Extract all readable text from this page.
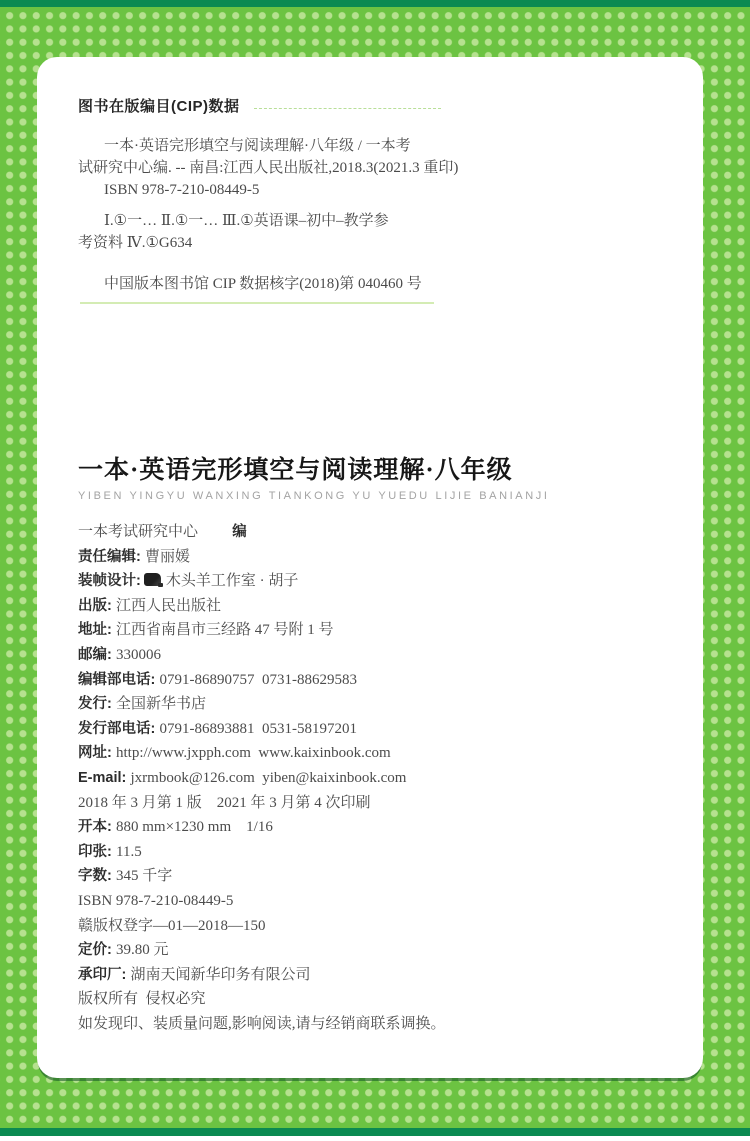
图书在版编目(CIP)数据
一本·英语完形填空与阅读理解·八年级 / 一本考
试研究中心编. -- 南昌:江西人民出版社,2018.3(2021.3 重印)
ISBN 978-7-210-08449-5
Ⅰ.①一… Ⅱ.①一… Ⅲ.①英语课–初中–教学参
考资料 Ⅳ.①G634
中国版本图书馆 CIP 数据核字(2018)第 040460 号
一本·英语完形填空与阅读理解·八年级
YIBEN YINGYU WANXING TIANKONG YU YUEDU LIJIE BANIANJI
一本考试研究中心 编
责任编辑: 曹丽媛
装帧设计: 木头羊工作室 · 胡子
出版: 江西人民出版社
地址: 江西省南昌市三经路 47 号附 1 号
邮编: 330006
编辑部电话: 0791-86890757  0731-88629583
发行: 全国新华书店
发行部电话: 0791-86893881  0531-58197201
网址: http://www.jxpph.com  www.kaixinbook.com
E-mail: jxrmbook@126.com  yiben@kaixinbook.com
2018 年 3 月第 1 版    2021 年 3 月第 4 次印刷
开本: 880 mm×1230 mm    1/16
印张: 11.5
字数: 345 千字
ISBN 978-7-210-08449-5
赣版权登字—01—2018—150
定价: 39.80 元
承印厂: 湖南天闻新华印务有限公司
版权所有  侵权必究
如发现印、装质量问题,影响阅读,请与经销商联系调换。
